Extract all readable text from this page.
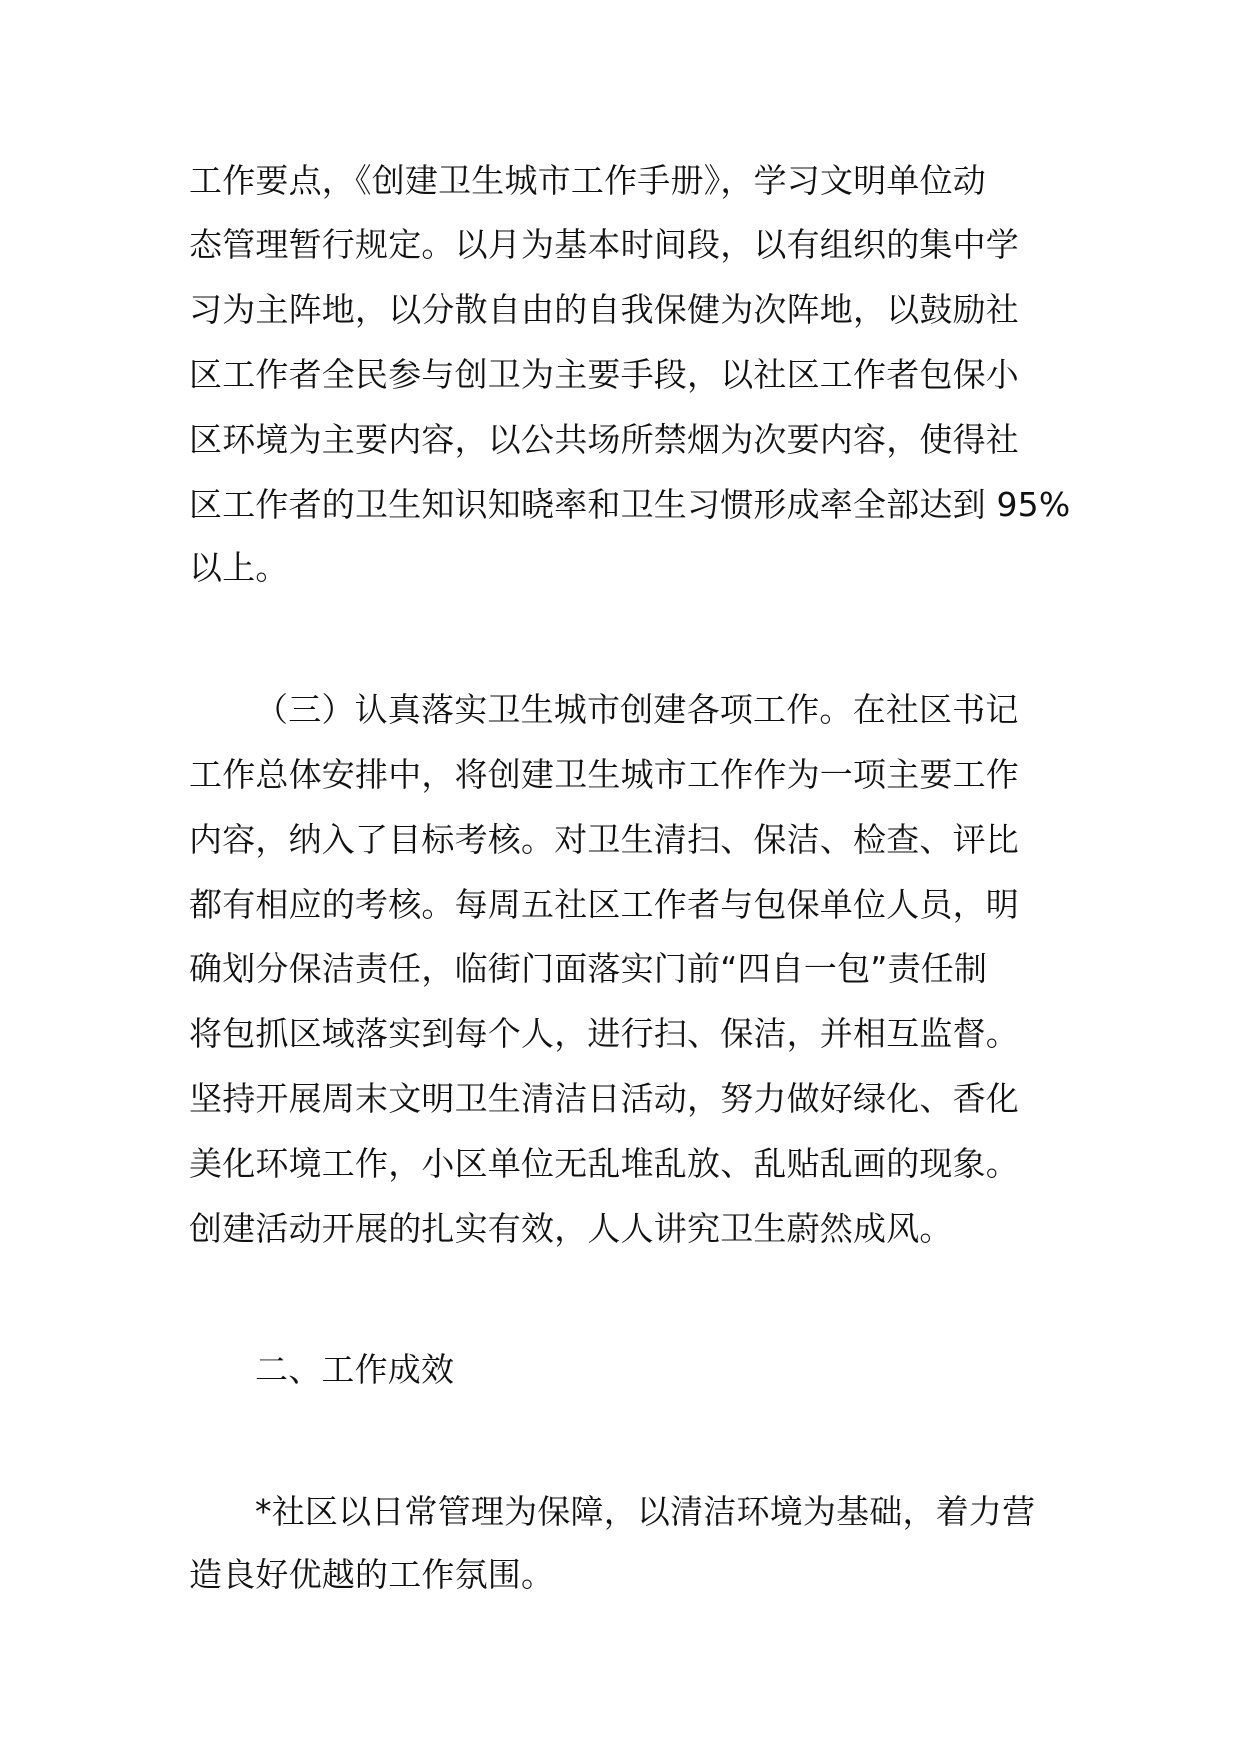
工作要点，《创建卫生城市工作手册》，学习文明单位动
态管理暂行规定。以月为基本时间段，以有组织的集中学
习为主阵地，以分散自由的自我保健为次阵地，以鼓励社
区工作者全民参与创卫为主要手段，以社区工作者包保小
区环境为主要内容，以公共场所禁烟为次要内容，使得社
区工作者的卫生知识知晓率和卫生习惯形成率全部达到 95%
以上。
（三）认真落实卫生城市创建各项工作。在社区书记
工作总体安排中，将创建卫生城市工作作为一项主要工作
内容，纳入了目标考核。对卫生清扫、保洁、检查、评比
都有相应的考核。每周五社区工作者与包保单位人员，明
确划分保洁责任，临街门面落实门前“四自一包”责任制
将包抓区域落实到每个人，进行扫、保洁，并相互监督。
坚持开展周末文明卫生清洁日活动，努力做好绿化、香化
美化环境工作，小区单位无乱堆乱放、乱贴乱画的现象。
创建活动开展的扎实有效，人人讲究卫生蔚然成风。
二、工作成效
*社区以日常管理为保障，以清洁环境为基础，着力营
造良好优越的工作氛围。
